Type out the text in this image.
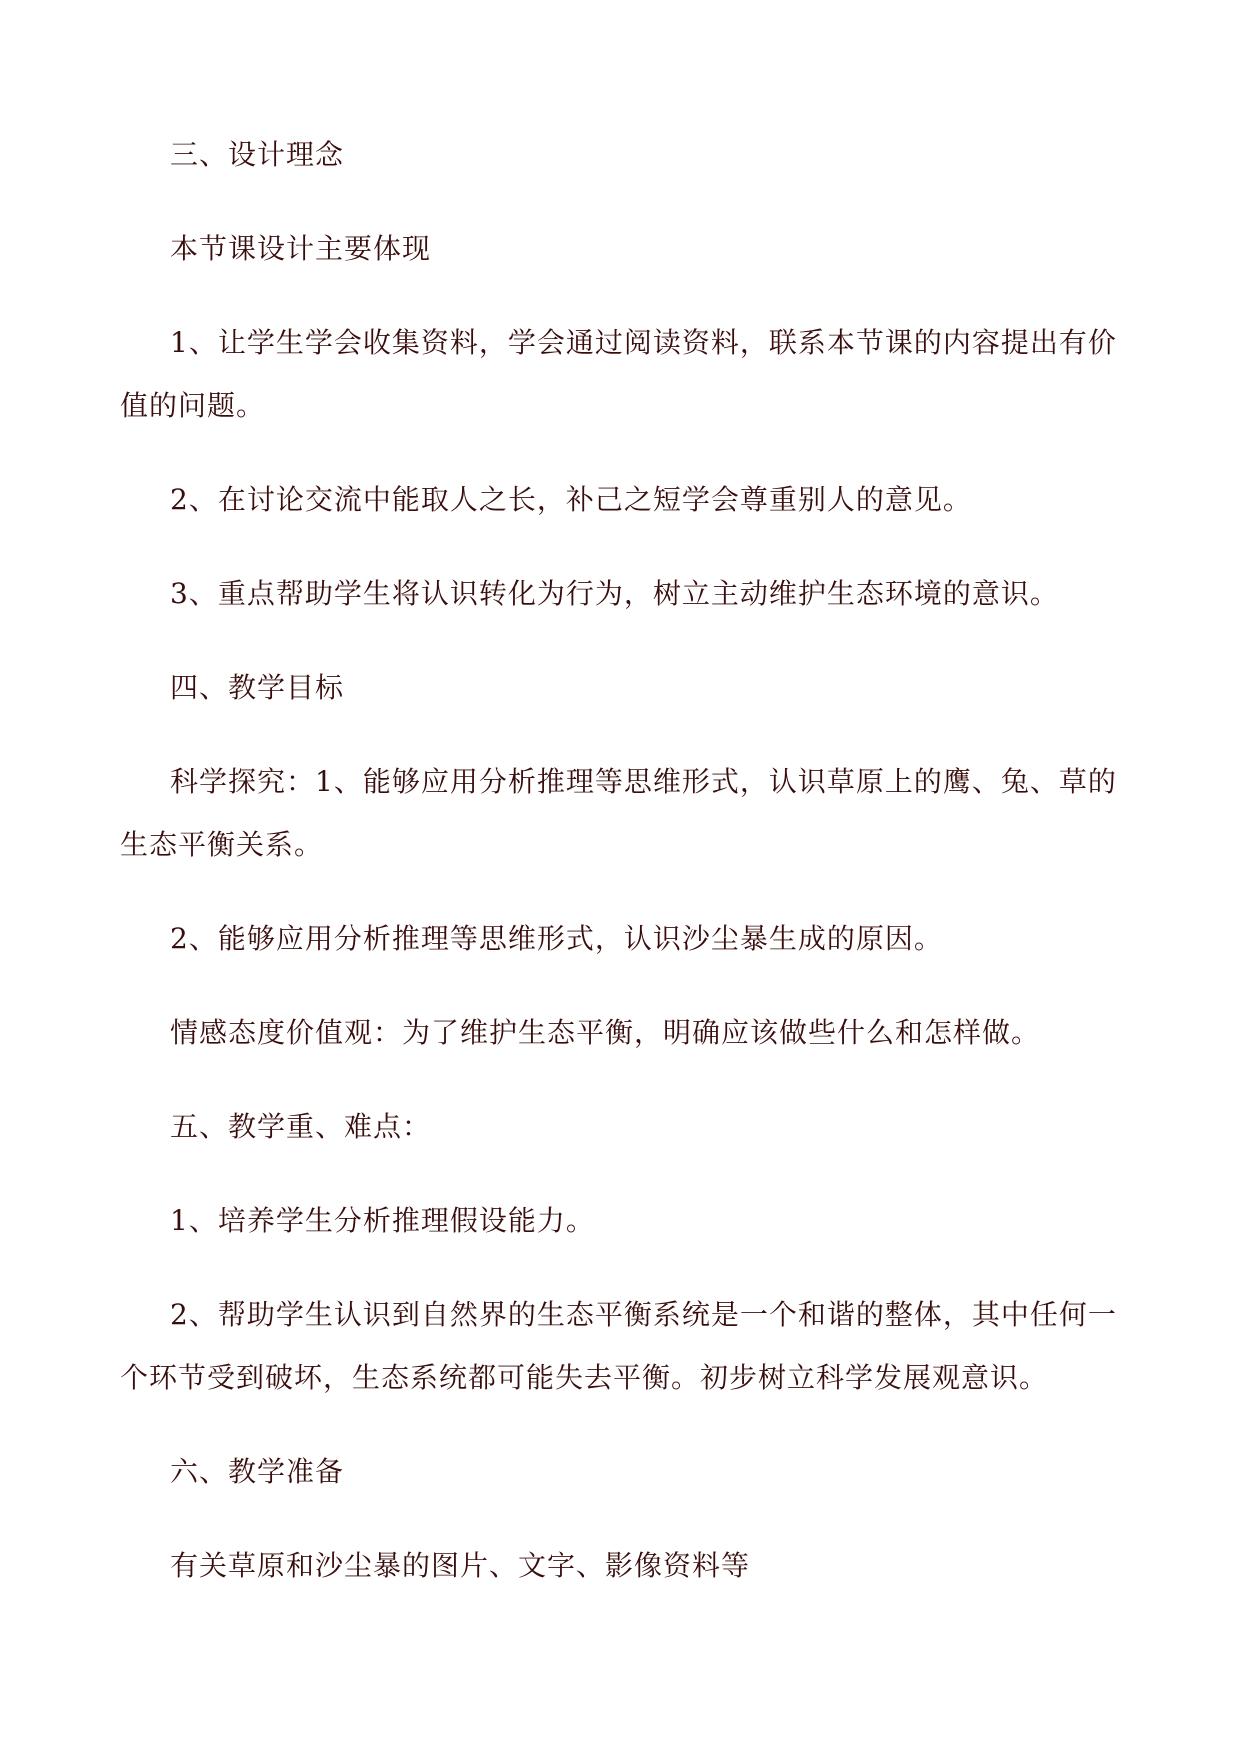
三、设计理念

本节课设计主要体现

1、让学生学会收集资料，学会通过阅读资料，联系本节课的内容提出有价值的问题。

2、在讨论交流中能取人之长，补己之短学会尊重别人的意见。

3、重点帮助学生将认识转化为行为，树立主动维护生态环境的意识。

四、教学目标

科学探究：1、能够应用分析推理等思维形式，认识草原上的鹰、兔、草的生态平衡关系。

2、能够应用分析推理等思维形式，认识沙尘暴生成的原因。

情感态度价值观：为了维护生态平衡，明确应该做些什么和怎样做。

五、教学重、难点：

1、培养学生分析推理假设能力。

2、帮助学生认识到自然界的生态平衡系统是一个和谐的整体，其中任何一个环节受到破坏，生态系统都可能失去平衡。初步树立科学发展观意识。

六、教学准备

有关草原和沙尘暴的图片、文字、影像资料等
